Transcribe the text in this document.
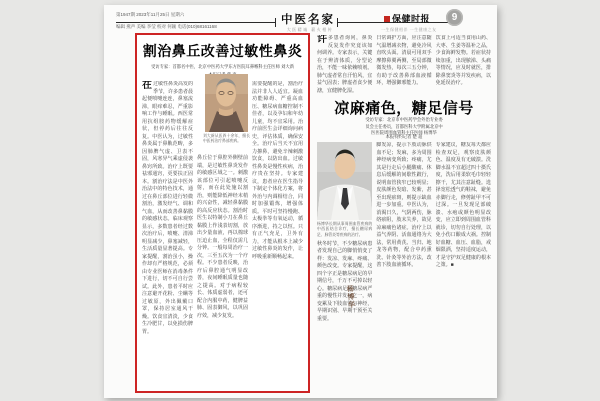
第1947期 2023年11月25日 星期六
编辑 燕声 美编 李莹 校对 何颖 电话(010)68161168
中医名家
大医精诚 薪火相传
保健时报
一生保健相伴 一生健康之友
9
割治鼻丘改善过敏性鼻炎
受访专家：首都名中医，北京中医药大学东方医院耳鼻喉科主任医师 刘大新
在过敏性鼻炎高发的季节，许多患者晨起便喷嚏连连，鼻塞流涕，眼痒难忍，严重影响工作与睡眠。西医常用抗组胺药物缓解症状，但停药后往往反复。中医认为，过敏性鼻炎属于鼻鼽范畴，多因肺脾气虚、卫表不固，风寒异气乘虚侵袭鼻窍所致。治疗上既要祛邪通窍，更要扶正固本。割治疗法是中医外治法中的特色技术，通过在鼻丘部位进行轻微割治，激发经气、调和气血，从而改善鼻黏膜的敏感状态。临床观察显示，多数患者经过数次治疗后，喷嚏、清涕明显减少，鼻塞减轻，生活质量显著提高。专家提醒，割治虽小，操作却有严格规范，必须由专业医师在消毒条件下进行，切不可自行尝试。此外，患者平时应注意避开花粉、尘螨等过敏原，外出佩戴口罩，保持居室通风干燥。饮食宜清淡，少食生冷肥甘，以免损伤脾胃。
鼻丘位于鼻腔外侧壁前端，是过敏性鼻炎发作的敏感区域之一。刺激该部位可引起喷嚏反射，而在此处施以割治，则能降低神经末梢的兴奋性，减轻鼻黏膜的高反应状态。割治时医生以特制小刀在鼻丘黏膜上作浅表切割，放出少量血液，再以棉球压迫止血，全程仅需几分钟。一般每周治疗一次，三至五次为一个疗程。不少患者反映，治疗后鼻腔通气明显改善，夜间睡眠质量也随之提高。对于病程较长、体质虚弱者，还可配合内服中药，健脾益肺、固表御风，以巩固疗效，减少复发。
需要提醒的是，割治疗法并非人人适宜。凝血功能障碍、严重高血压、糖尿病血糖控制不佳者，以及孕妇和年幼儿童，均不宜采用。治疗前医生会详细询问病史，评估体质，确保安全。治疗后当天不宜用力擤鼻，避免辛辣刺激饮食，以防出血。过敏性鼻炎是慢性疾病，治疗贵在坚持。专家建议，患者应在医生指导下制定个体化方案，将外治与内调相结合，同时加强锻炼，增强体质。平时可坚持慢跑、太极拳等有氧运动，循序渐进，持之以恒。只有正气充足，卫外有力，才能从根本上减少过敏性鼻炎的发作，让呼吸重新顺畅起来。
刘大新从医四十余年，擅长中医药治疗鼻部疾病。
许多患者询问，鼻炎反复发作究竟该如何调养。专家表示，关键在于辨清体质，分型论治，不能一味依赖喷剂。肺气虚者常自汗怕风，宜益气固表；脾虚者食少便溏，宜健脾化湿。
日常调护方面，应注意随气温增减衣物，避免冷风直吹头面。清晨可用双手摩擦鼻翼两侧，至局部微微发热，每次三五分钟，有助于改善鼻部血液循环，增强御邪能力。
饮食上可适当食用山药、大枣、生姜等温补之品，少食海鲜发物。若症状持续加重，出现脓涕、头痛等情况，应及时就医，排除鼻窦炎等并发疾病，以免延误治疗。
凉麻痛色，糖足信号
受访专家：北京市中医药学会外治专业委
员会主任委员，首都医科大学附属北京中
医医院周围血管科主任医师 杨博华
本报特约记者 楚 超
杨博华长期从事周围血管疾病的中西医结合诊疗，擅长糖尿病足、脉管炎等疾病的治疗。
秋冬时节，不少糖尿病患者发现自己的脚悄悄变了样：发凉、发麻、疼痛、颜色改变。专家提醒，这四个字正是糖尿病足的早期信号，千万不可掉以轻心。糖尿病足是糖尿病严重的慢性并发症之一，病变累及下肢血管与神经，早期识别、早期干预至关重要。
脚发凉，提示下肢动脉供血不足；发麻，多为周围神经病变所致；疼痛，尤其是行走后小腿酸痛、休息后缓解的间歇性跛行，说明血管狭窄已较明显；皮肤颜色发暗、发紫，甚至出现瘀斑，则提示缺血进一步加重。中医认为，消渴日久，气阴两伤，脉络瘀阻，肢末失养，故见凉麻痛色诸症。治疗上以益气养阴、活血通络为大法，常用黄芪、当归、地龙等药物，配合中药熏洗、针灸等外治方法，改善下肢血液循环。
专家建议，糖友每天都应检查双足，观察皮肤颜色、温度及有无破溃。洗脚水温不宜超过四十摄氏度，洗后用柔软毛巾轻轻擦干，尤其注意趾缝。选择宽松透气的鞋袜，避免赤脚行走，修剪趾甲不可过深。一旦发现足部破溃、水疱或颜色明显改变，应立即到周围血管科就诊，切勿自行处理，以免小伤口酿成大祸。控制好血糖、血压、血脂，戒烟限酒，坚持适度运动，才是守护双足健康的根本之策。■
杨博华
